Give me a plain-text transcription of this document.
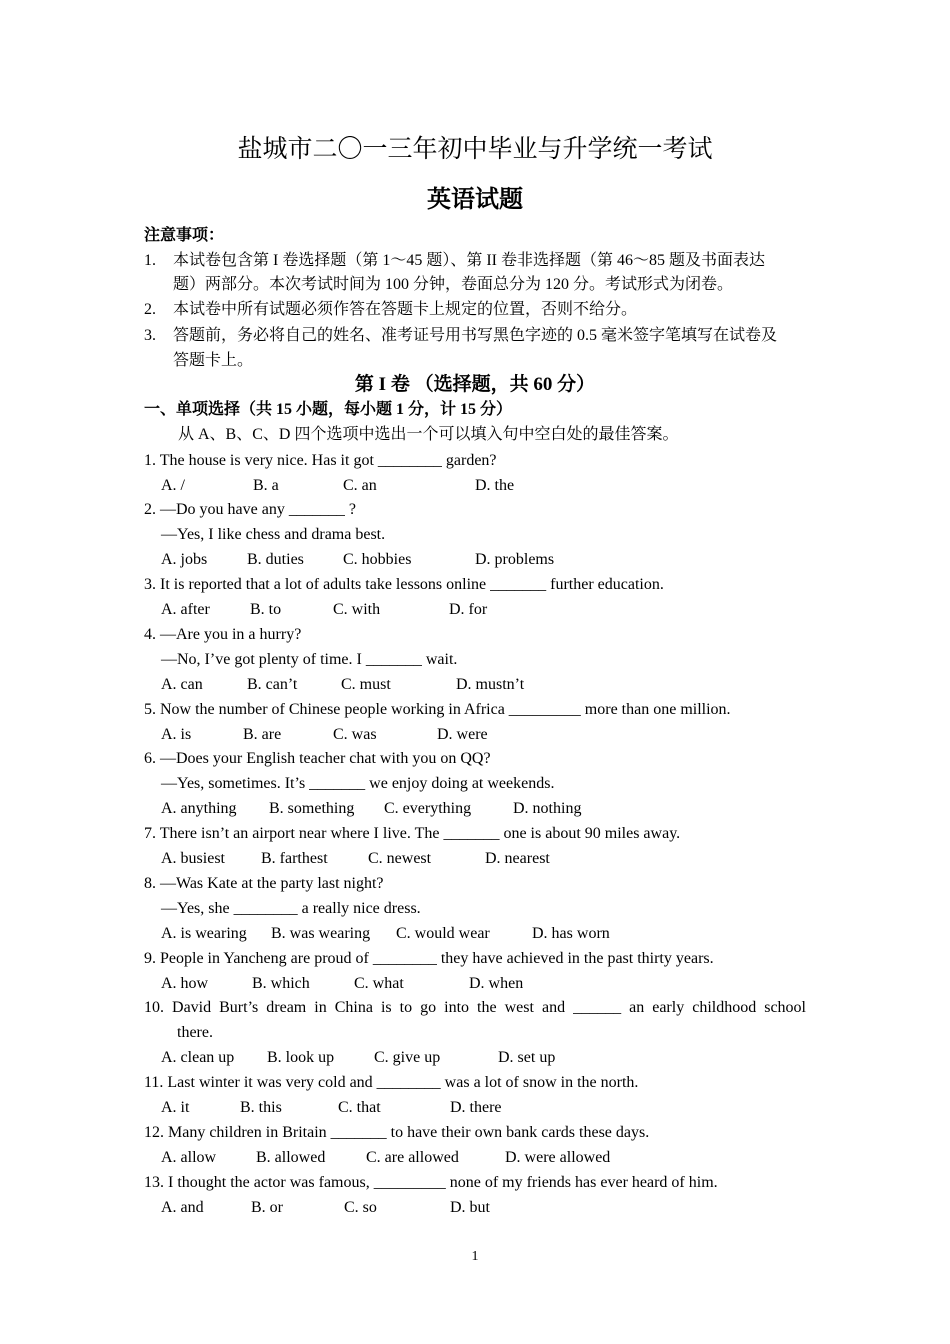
盐城市二〇一三年初中毕业与升学统一考试
英语试题
注意事项：
1. 本试卷包含第 I 卷选择题（第 1～45 题）、第 II 卷非选择题（第 46～85 题及书面表达
题）两部分。本次考试时间为 100 分钟，卷面总分为 120 分。考试形式为闭卷。
2. 本试卷中所有试题必须作答在答题卡上规定的位置，否则不给分。
3. 答题前，务必将自己的姓名、准考证号用书写黑色字迹的 0.5 毫米签字笔填写在试卷及
答题卡上。
第 I 卷 （选择题，共 60 分）
一、单项选择（共 15 小题，每小题 1 分，计 15 分）
从 A、B、C、D 四个选项中选出一个可以填入句中空白处的最佳答案。
1. The house is very nice. Has it got ________ garden?
A. /	B. a	C. an	D. the
2. —Do you have any _______ ?
—Yes, I like chess and drama best.
A. jobs B. duties C. hobbies	D. problems
3. It is reported that a lot of adults take lessons online _______ further education.
A. after	B. to	C. with	D. for
4. —Are you in a hurry?
—No, I’ve got plenty of time. I _______ wait.
A. can	B. can’t	C. must	D. mustn’t
5. Now the number of Chinese people working in Africa _________ more than one million.
A. is	B. are	C. was	D. were
6. —Does your English teacher chat with you on QQ?
—Yes, sometimes. It’s _______ we enjoy doing at weekends.
A. anything B. something C. everything	D. nothing
7. There isn’t an airport near where I live. The _______ one is about 90 miles away.
A. busiest B. farthest	C. newest	D. nearest
8. —Was Kate at the party last night?
—Yes, she ________ a really nice dress.
A. is wearing B. was wearing C. would wear	D. has worn
9. People in Yancheng are proud of ________ they have achieved in the past thirty years.
A. how	B. which	C. what	D. when
10. David Burt’s dream in China is to go into the west and ______ an early childhood school
there.
A. clean up B. look up C. give up	D. set up
11. Last winter it was very cold and ________ was a lot of snow in the north.
A. it	B. this	C. that	D. there
12. Many children in Britain _______ to have their own bank cards these days.
A. allow B. allowed	C. are allowed	D. were allowed
13. I thought the actor was famous, _________ none of my friends has ever heard of him.
A. and	B. or	C. so	D. but
1
